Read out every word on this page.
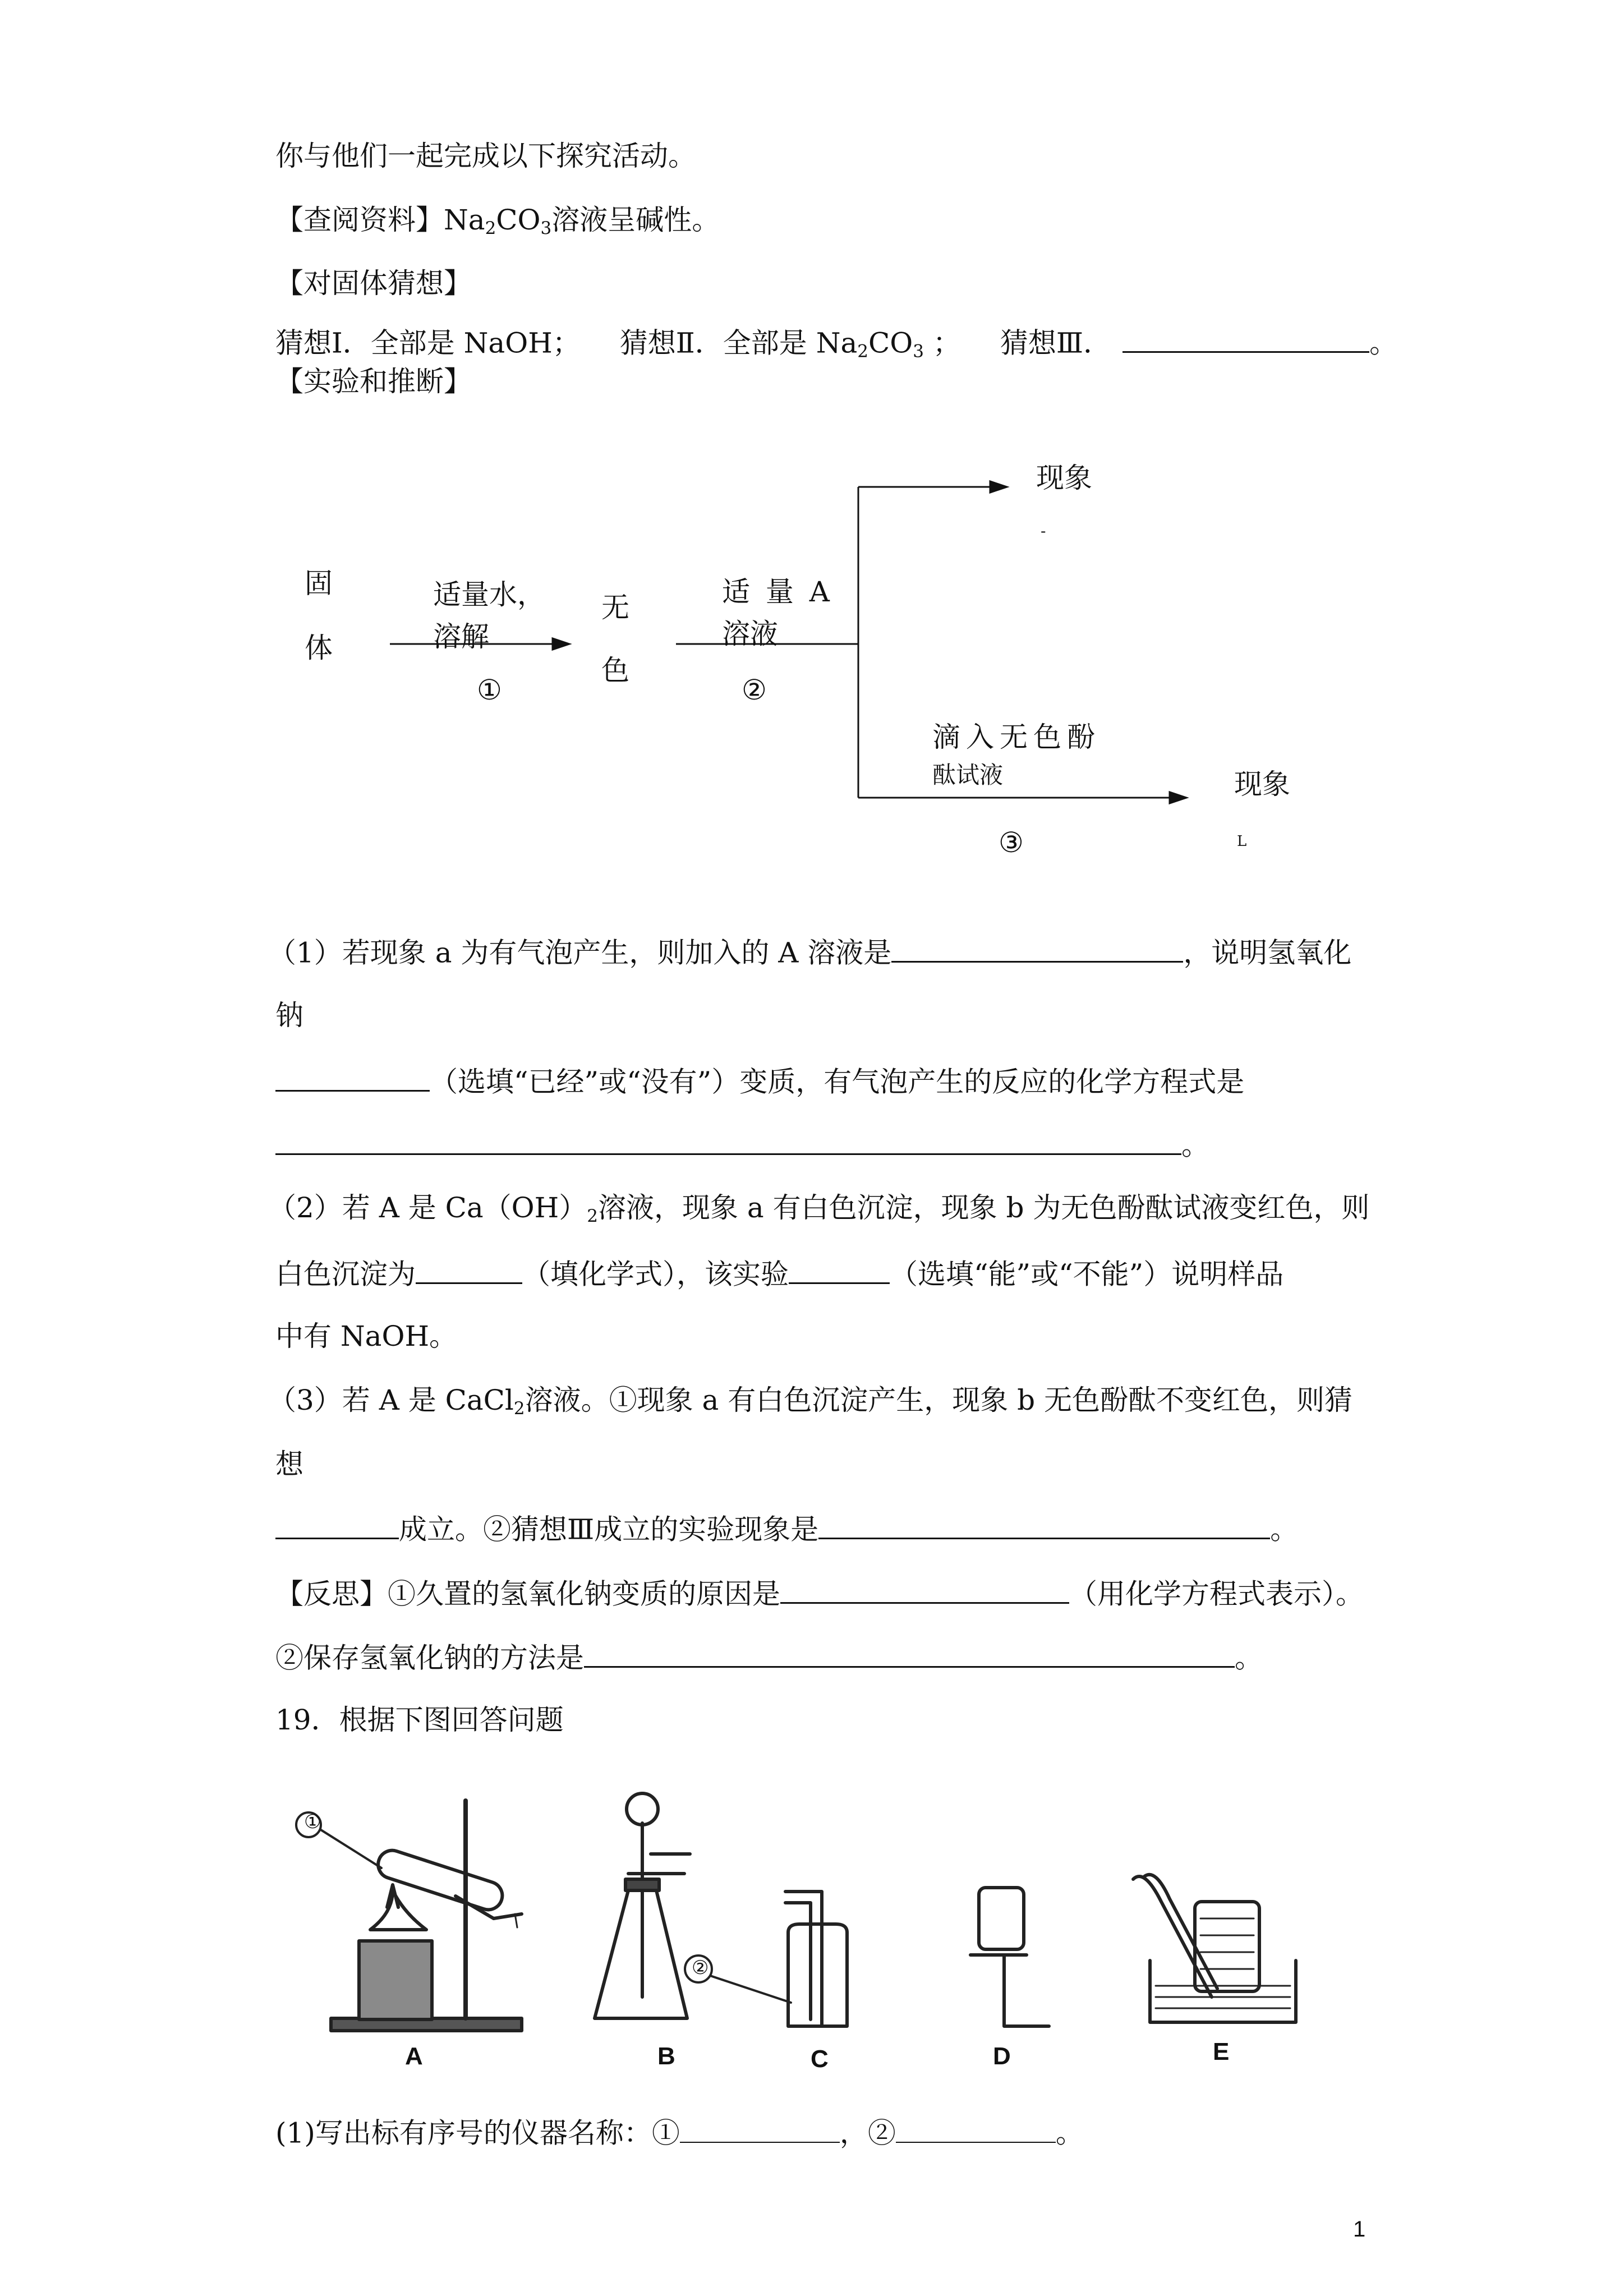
你与他们一起完成以下探究活动。
【查阅资料】$Na_2CO_3$溶液呈碱性。
【对固体猜想】
猜想Ⅰ．全部是 NaOH； 猜想Ⅱ．全部是 $Na_2CO_3$ ； 猜想Ⅲ．	。
【实验和推断】
固
体
适量水，
溶解
①
无
色
适 量 A
溶液
②
现象
-
滴入无色酚
酞试液
③
现象
L
（1）若现象 a 为有气泡产生，则加入的 A 溶液是	，说明氢氧化
钠
（选填“已经”或“没有”）变质，有气泡产生的反应的化学方程式是
。
（2）若 A 是 $Ca(OH)_2$溶液，现象 a 有白色沉淀，现象 b 为无色酚酞试液变红色，则
白色沉淀为	（填化学式），该实验	（选填“能”或“不能”）说明样品
中有 NaOH。
（3）若 A 是 CaCl$_2$溶液。①现象 a 有白色沉淀产生，现象 b 无色酚酞不变红色，则猜
想
成立。②猜想Ⅲ成立的实验现象是	。
【反思】①久置的氢氧化钠变质的原因是	（用化学方程式表示）。
②保存氢氧化钠的方法是	。
19．根据下图回答问题
①
②
A	B	C	D	E
(1)写出标有序号的仪器名称：①	，②	。
1
